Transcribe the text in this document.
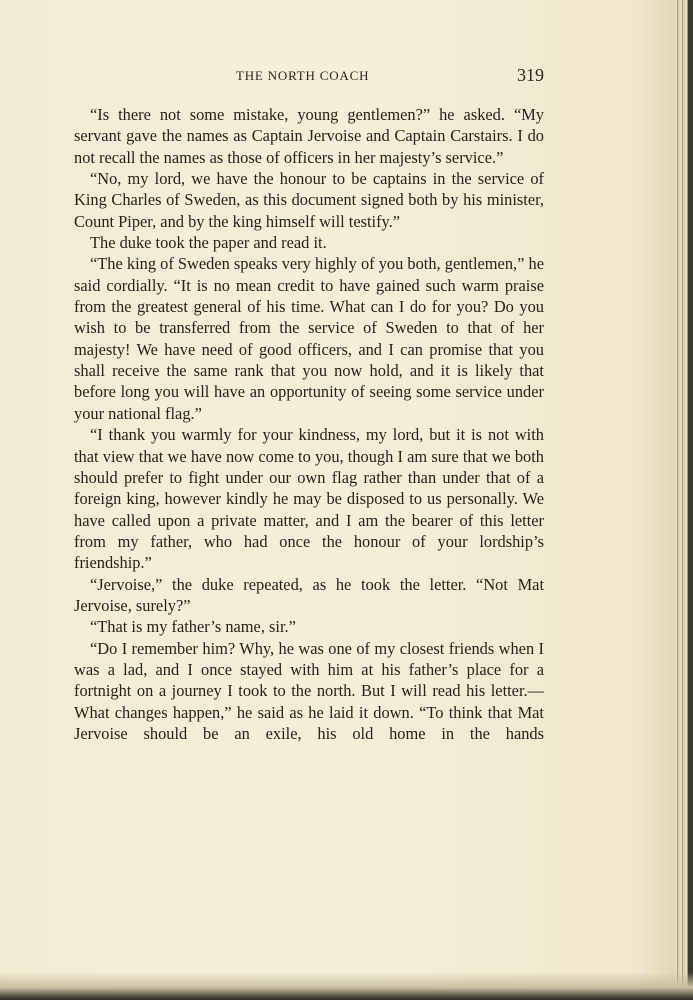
THE NORTH COACH	319

“Is there not some mistake, young gentlemen?” he asked. “My servant gave the names as Captain Jervoise and Captain Carstairs. I do not recall the names as those of officers in her majesty’s service.”

“No, my lord, we have the honour to be captains in the service of King Charles of Sweden, as this document signed both by his minister, Count Piper, and by the king himself will testify.”

The duke took the paper and read it.

“The king of Sweden speaks very highly of you both, gentlemen,” he said cordially. “It is no mean credit to have gained such warm praise from the greatest general of his time. What can I do for you? Do you wish to be transferred from the service of Sweden to that of her majesty! We have need of good officers, and I can promise that you shall receive the same rank that you now hold, and it is likely that before long you will have an opportunity of seeing some service under your national flag.”

“I thank you warmly for your kindness, my lord, but it is not with that view that we have now come to you, though I am sure that we both should prefer to fight under our own flag rather than under that of a foreign king, however kindly he may be disposed to us personally. We have called upon a private matter, and I am the bearer of this letter from my father, who had once the honour of your lordship’s friendship.”

“Jervoise,” the duke repeated, as he took the letter. “Not Mat Jervoise, surely?”

“That is my father’s name, sir.”

“Do I remember him? Why, he was one of my closest friends when I was a lad, and I once stayed with him at his father’s place for a fortnight on a journey I took to the north. But I will read his letter.—What changes happen,” he said as he laid it down. “To think that Mat Jervoise should be an exile, his old home in the hands
